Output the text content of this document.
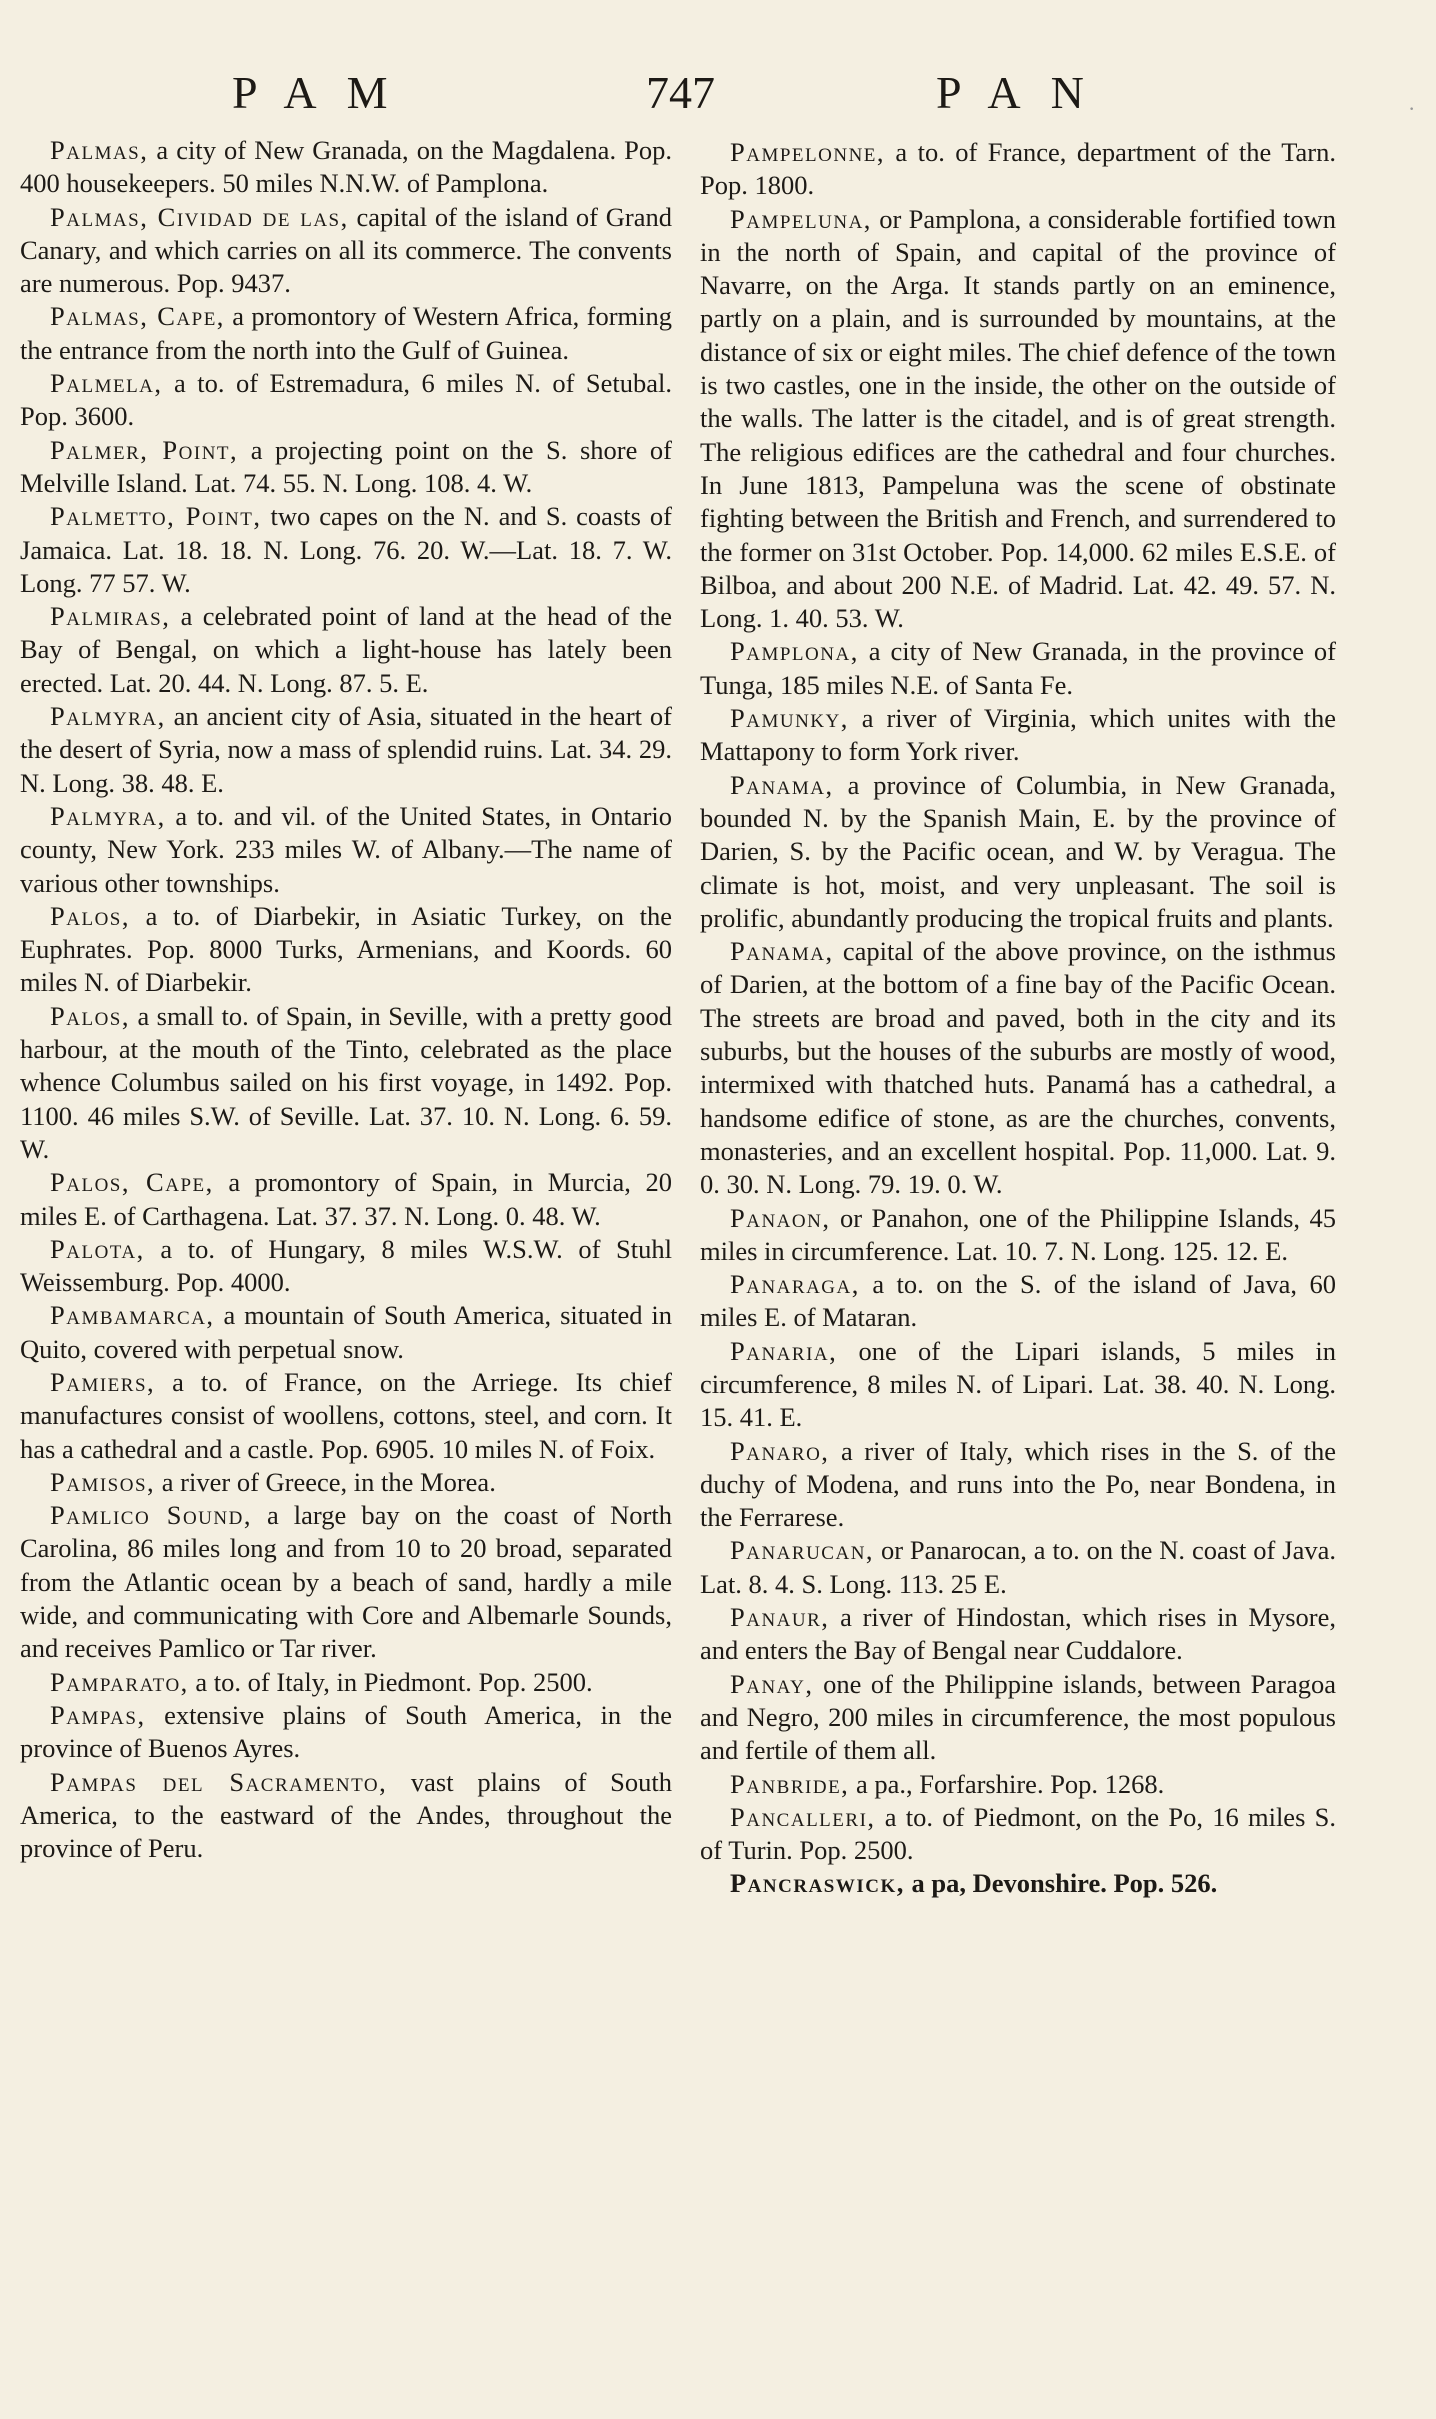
PAM	747	PAN	·

Palmas, a city of New Granada, on the Magdalena. Pop. 400 housekeepers. 50 miles N.N.W. of Pamplona.

Palmas, Cividad de las, capital of the island of Grand Canary, and which carries on all its commerce. The convents are numerous. Pop. 9437.

Palmas, Cape, a promontory of Western Africa, forming the entrance from the north into the Gulf of Guinea.

Palmela, a to. of Estremadura, 6 miles N. of Setubal. Pop. 3600.

Palmer, Point, a projecting point on the S. shore of Melville Island. Lat. 74. 55. N. Long. 108. 4. W.

Palmetto, Point, two capes on the N. and S. coasts of Jamaica. Lat. 18. 18. N. Long. 76. 20. W.—Lat. 18. 7. W. Long. 77 57. W.

Palmiras, a celebrated point of land at the head of the Bay of Bengal, on which a light-house has lately been erected. Lat. 20. 44. N. Long. 87. 5. E.

Palmyra, an ancient city of Asia, situated in the heart of the desert of Syria, now a mass of splendid ruins. Lat. 34. 29. N. Long. 38. 48. E.

Palmyra, a to. and vil. of the United States, in Ontario county, New York. 233 miles W. of Albany.—The name of various other townships.

Palos, a to. of Diarbekir, in Asiatic Turkey, on the Euphrates. Pop. 8000 Turks, Armenians, and Koords. 60 miles N. of Diarbekir.

Palos, a small to. of Spain, in Seville, with a pretty good harbour, at the mouth of the Tinto, celebrated as the place whence Columbus sailed on his first voyage, in 1492. Pop. 1100. 46 miles S.W. of Seville. Lat. 37. 10. N. Long. 6. 59. W.

Palos, Cape, a promontory of Spain, in Murcia, 20 miles E. of Carthagena. Lat. 37. 37. N. Long. 0. 48. W.

Palota, a to. of Hungary, 8 miles W.S.W. of Stuhl Weissemburg. Pop. 4000.

Pambamarca, a mountain of South America, situated in Quito, covered with perpetual snow.

Pamiers, a to. of France, on the Arriege. Its chief manufactures consist of woollens, cottons, steel, and corn. It has a cathedral and a castle. Pop. 6905. 10 miles N. of Foix.

Pamisos, a river of Greece, in the Morea.

Pamlico Sound, a large bay on the coast of North Carolina, 86 miles long and from 10 to 20 broad, separated from the Atlantic ocean by a beach of sand, hardly a mile wide, and communicating with Core and Albemarle Sounds, and receives Pamlico or Tar river.

Pamparato, a to. of Italy, in Piedmont. Pop. 2500.

Pampas, extensive plains of South America, in the province of Buenos Ayres.

Pampas del Sacramento, vast plains of South America, to the eastward of the Andes, throughout the province of Peru.

Pampelonne, a to. of France, department of the Tarn. Pop. 1800.

Pampeluna, or Pamplona, a considerable fortified town in the north of Spain, and capital of the province of Navarre, on the Arga. It stands partly on an eminence, partly on a plain, and is surrounded by mountains, at the distance of six or eight miles. The chief defence of the town is two castles, one in the inside, the other on the outside of the walls. The latter is the citadel, and is of great strength. The religious edifices are the cathedral and four churches. In June 1813, Pampeluna was the scene of obstinate fighting between the British and French, and surrendered to the former on 31st October. Pop. 14,000. 62 miles E.S.E. of Bilboa, and about 200 N.E. of Madrid. Lat. 42. 49. 57. N. Long. 1. 40. 53. W.

Pamplona, a city of New Granada, in the province of Tunga, 185 miles N.E. of Santa Fe.

Pamunky, a river of Virginia, which unites with the Mattapony to form York river.

Panama, a province of Columbia, in New Granada, bounded N. by the Spanish Main, E. by the province of Darien, S. by the Pacific ocean, and W. by Veragua. The climate is hot, moist, and very unpleasant. The soil is prolific, abundantly producing the tropical fruits and plants.

Panama, capital of the above province, on the isthmus of Darien, at the bottom of a fine bay of the Pacific Ocean. The streets are broad and paved, both in the city and its suburbs, but the houses of the suburbs are mostly of wood, intermixed with thatched huts. Panamá has a cathedral, a handsome edifice of stone, as are the churches, convents, monasteries, and an excellent hospital. Pop. 11,000. Lat. 9. 0. 30. N. Long. 79. 19. 0. W.

Panaon, or Panahon, one of the Philippine Islands, 45 miles in circumference. Lat. 10. 7. N. Long. 125. 12. E.

Panaraga, a to. on the S. of the island of Java, 60 miles E. of Mataran.

Panaria, one of the Lipari islands, 5 miles in circumference, 8 miles N. of Lipari. Lat. 38. 40. N. Long. 15. 41. E.

Panaro, a river of Italy, which rises in the S. of the duchy of Modena, and runs into the Po, near Bondena, in the Ferrarese.

Panarucan, or Panarocan, a to. on the N. coast of Java. Lat. 8. 4. S. Long. 113. 25 E.

Panaur, a river of Hindostan, which rises in Mysore, and enters the Bay of Bengal near Cuddalore.

Panay, one of the Philippine islands, between Paragoa and Negro, 200 miles in circumference, the most populous and fertile of them all.

Panbride, a pa., Forfarshire. Pop. 1268.

Pancalleri, a to. of Piedmont, on the Po, 16 miles S. of Turin. Pop. 2500.

Pancraswick, a pa, Devonshire. Pop. 526.
